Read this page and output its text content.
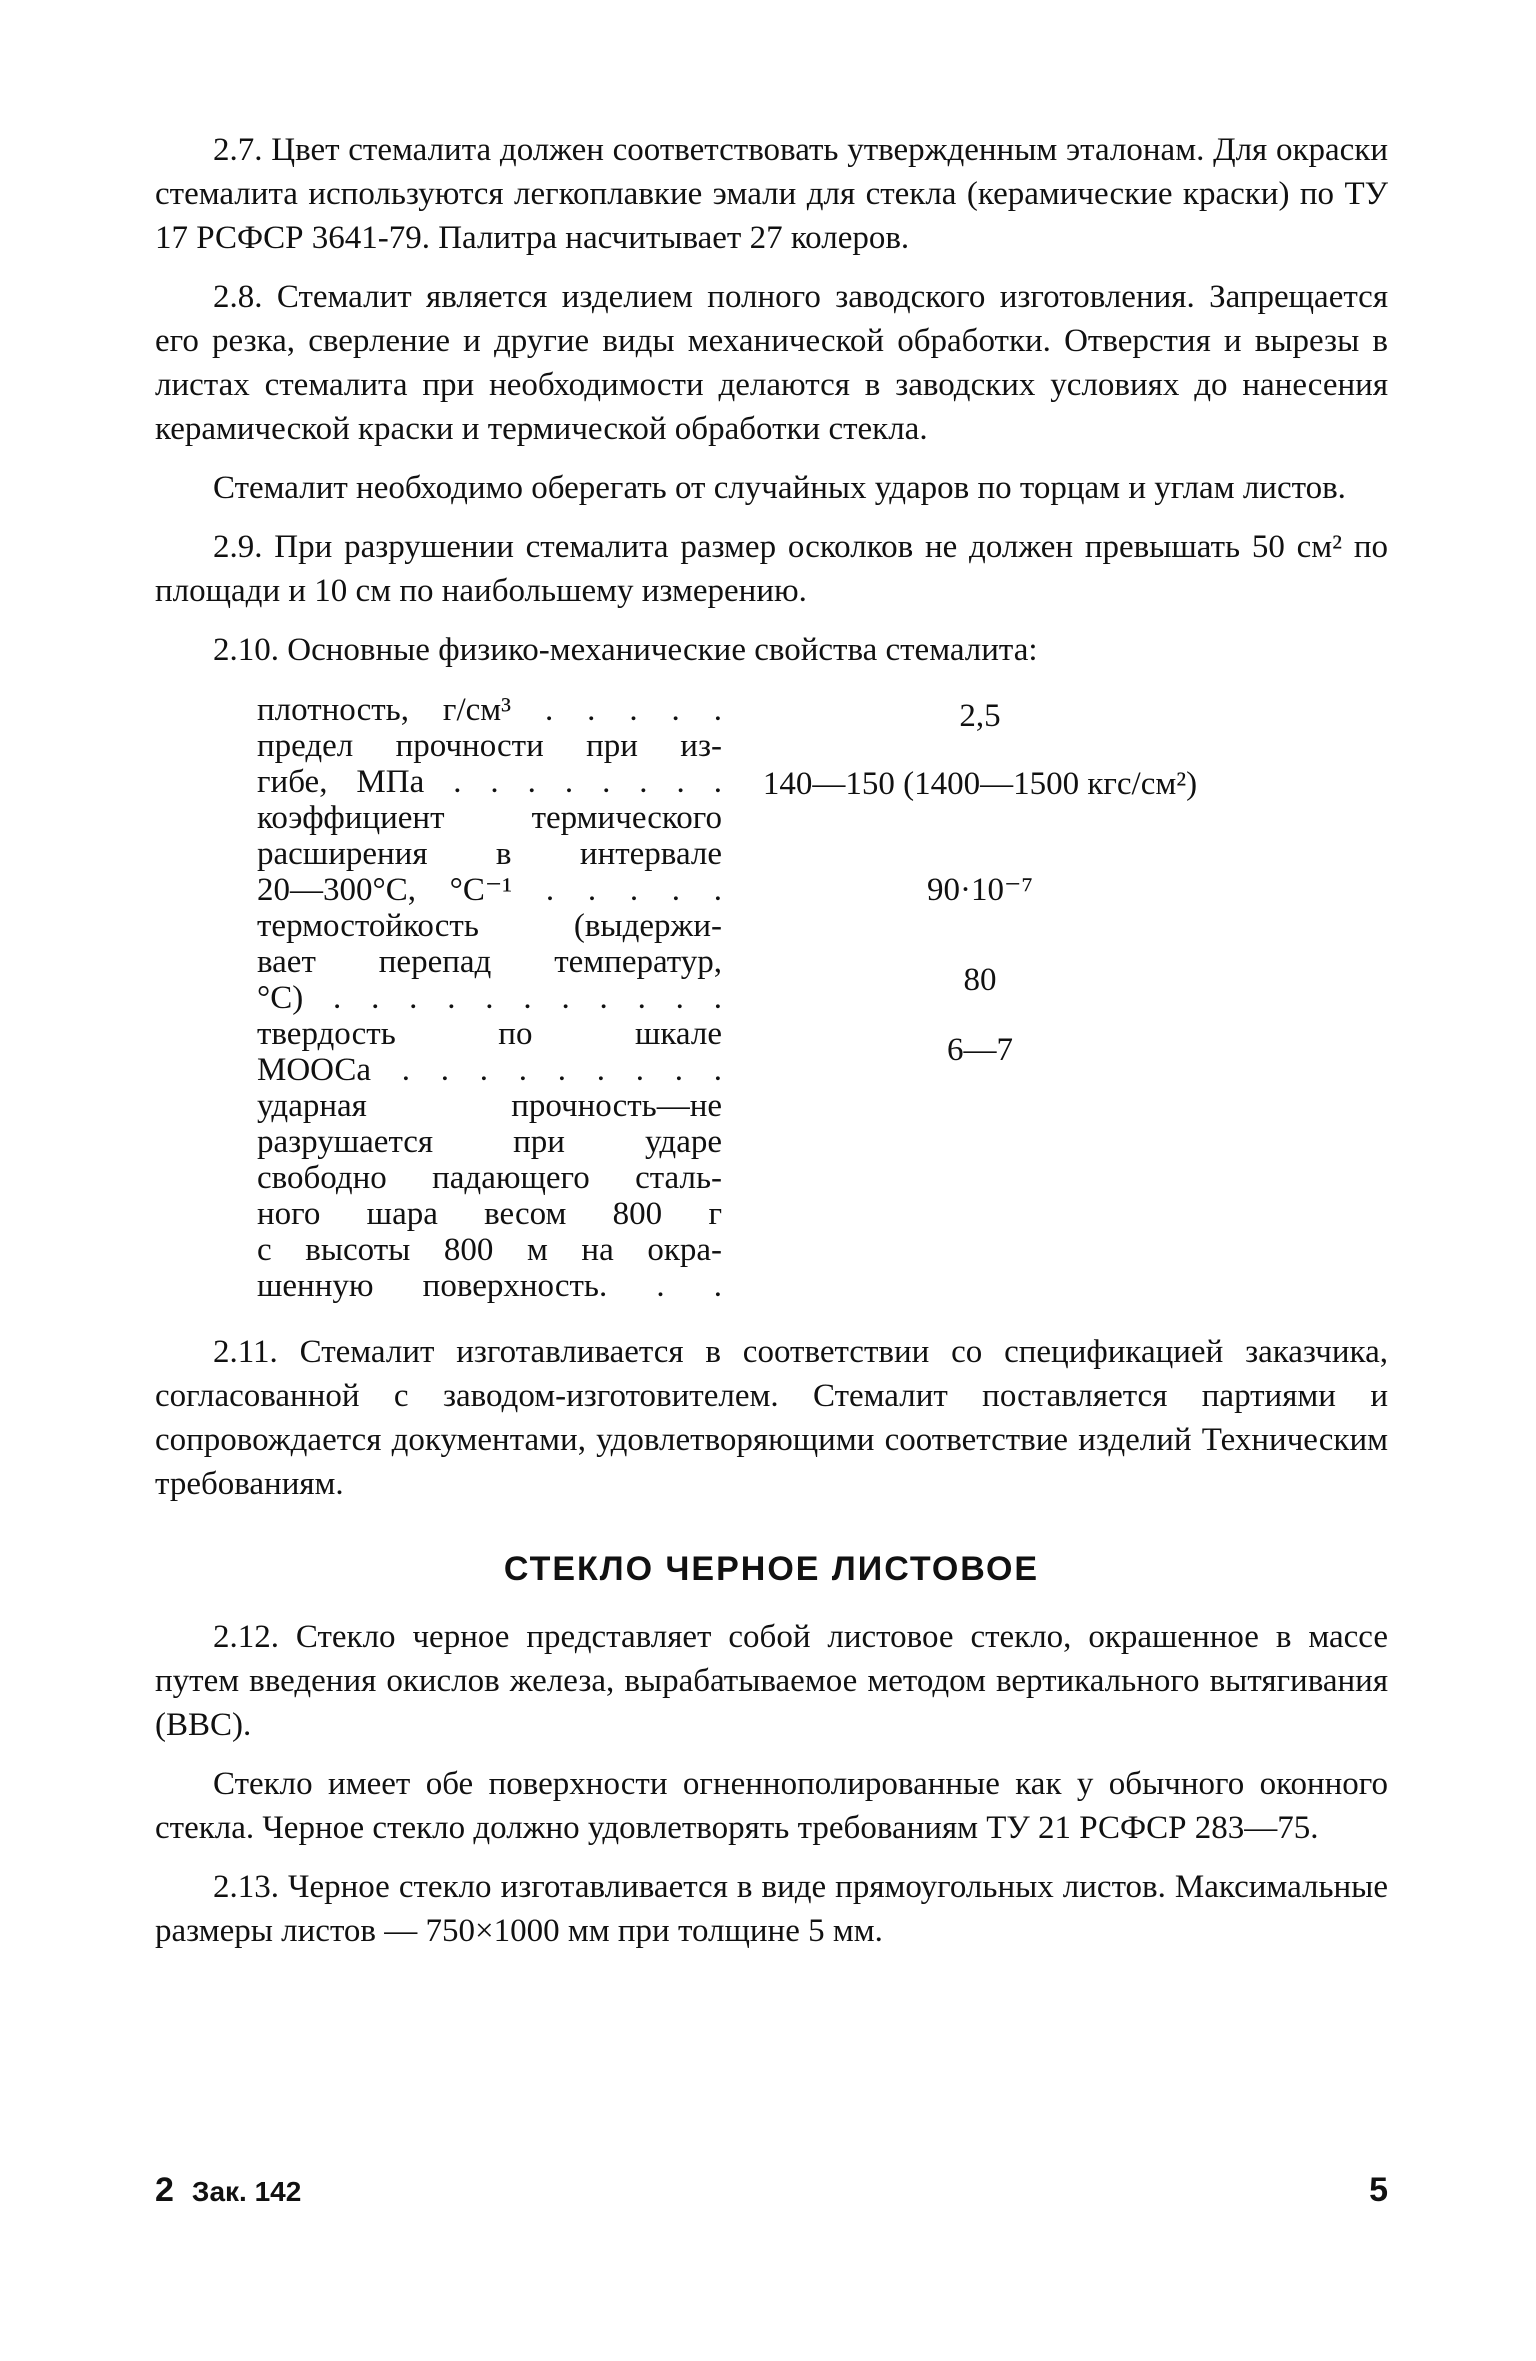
2.7. Цвет стемалита должен соответствовать утвержденным эталонам. Для окраски стемалита используются легкоплавкие эмали для стекла (керамические краски) по ТУ 17 РСФСР 3641-79. Палитра насчитывает 27 колеров.

2.8. Стемалит является изделием полного заводского изготовления. Запрещается его резка, сверление и другие виды механической обработки. Отверстия и вырезы в листах стемалита при необходимости делаются в заводских условиях до нанесения керамической краски и термической обработки стекла.

Стемалит необходимо оберегать от случайных ударов по торцам и углам листов.

2.9. При разрушении стемалита размер осколков не должен превышать 50 см² по площади и 10 см по наибольшему измерению.

2.10. Основные физико-механические свойства стемалита:

плотность, г/см³ . . . . .
предел прочности при из-
гибе, МПа . . . . . . . .
коэффициент термического
расширения в интервале
20—300°С, °С⁻¹ . . . . .
термостойкость (выдержи-
вает перепад температур,
°С) . . . . . . . . . . .
твердость по шкале
МООСа . . . . . . . . .
ударная прочность—не
разрушается при ударе
свободно падающего сталь-
ного шара весом 800 г
с высоты 800 м на окра-
шенную поверхность. . .
2,5
140—150 (1400—1500 кгс/см²)
90·10⁻⁷
80
6—7

2.11. Стемалит изготавливается в соответствии со спецификацией заказчика, согласованной с заводом-изготовителем. Стемалит поставляется партиями и сопровождается документами, удовлетворяющими соответствие изделий Техническим требованиям.

СТЕКЛО ЧЕРНОЕ ЛИСТОВОЕ

2.12. Стекло черное представляет собой листовое стекло, окрашенное в массе путем введения окислов железа, вырабатываемое методом вертикального вытягивания (ВВС).

Стекло имеет обе поверхности огненнополированные как у обычного оконного стекла. Черное стекло должно удовлетворять требованиям ТУ 21 РСФСР 283—75.

2.13. Черное стекло изготавливается в виде прямоугольных листов. Максимальные размеры листов — 750×1000 мм при толщине 5 мм.

2 Зак. 142	5
